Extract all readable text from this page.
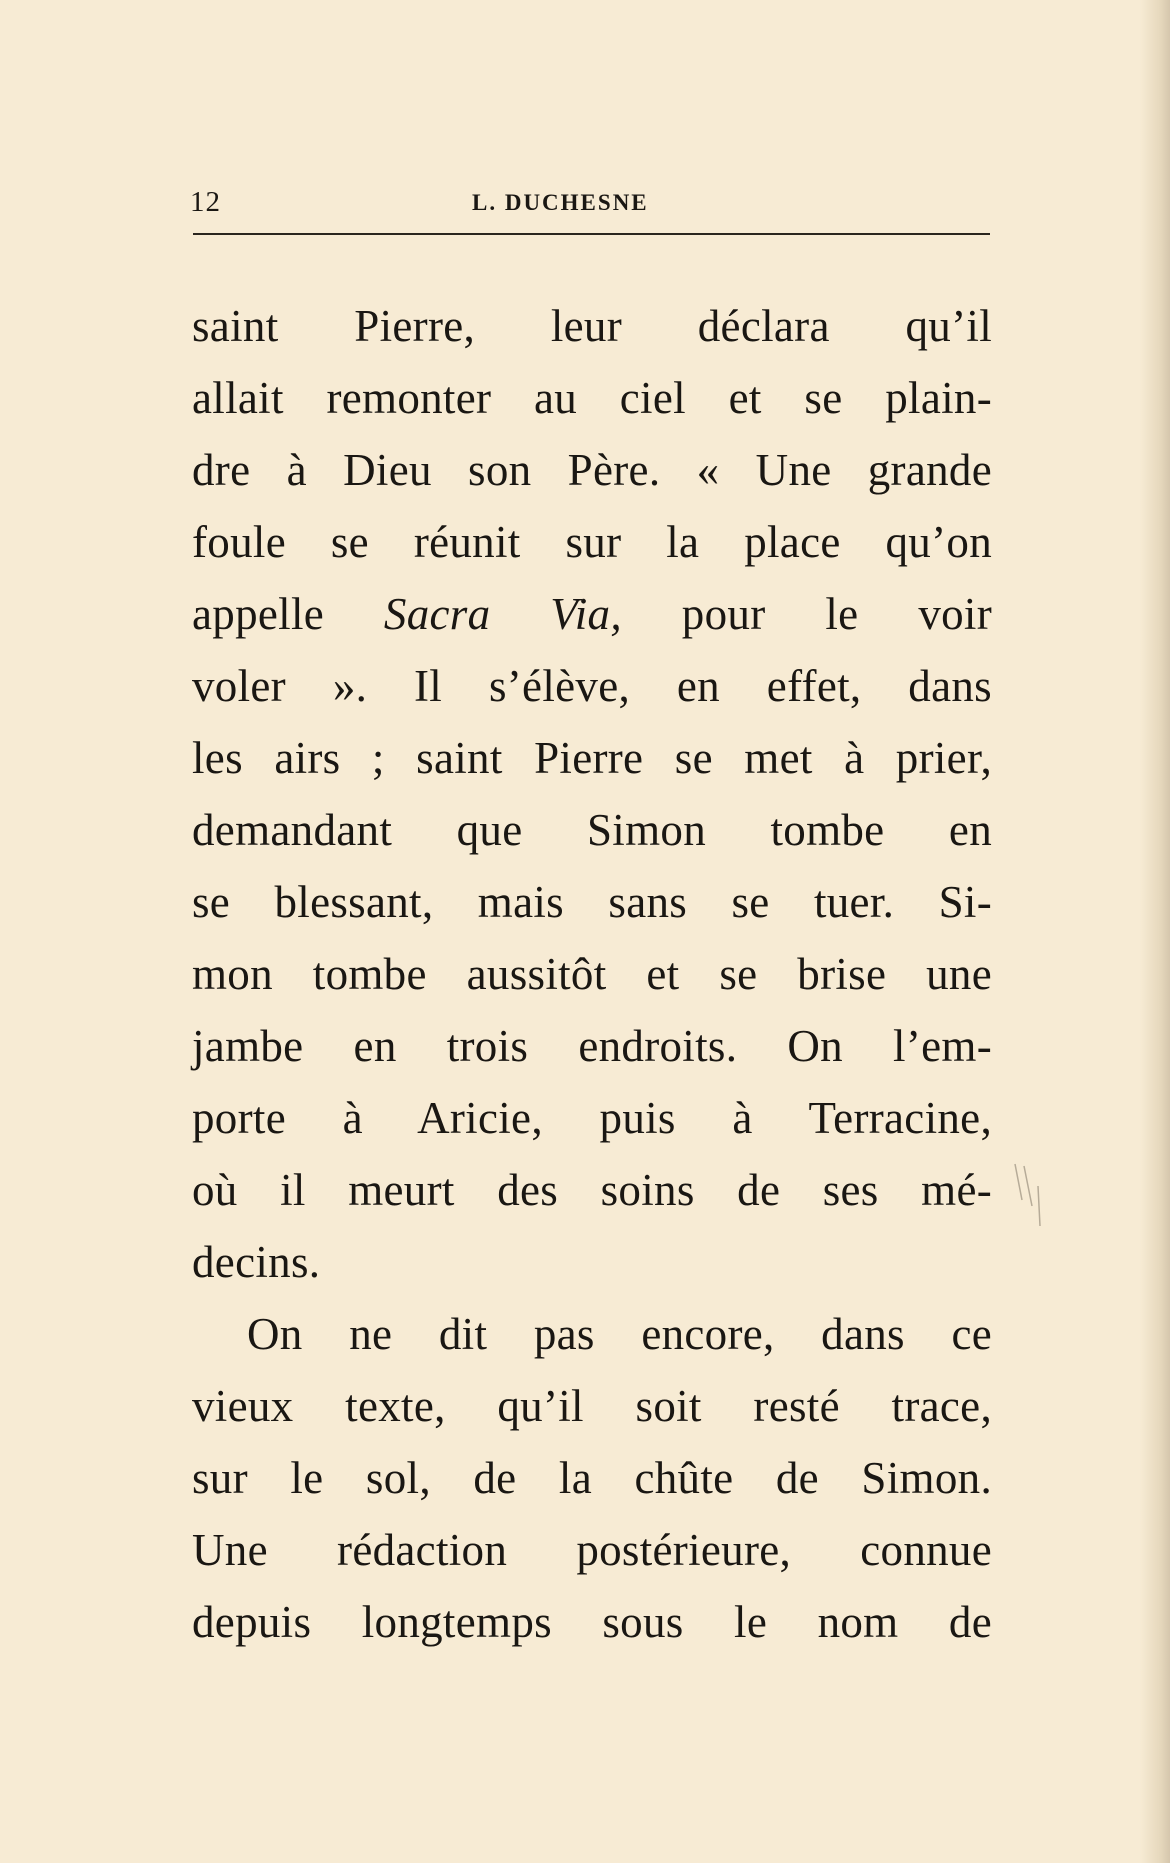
12	L. DUCHESNE
saint Pierre, leur déclara qu’il
allait remonter au ciel et se plain-
dre à Dieu son Père. « Une grande
foule se réunit sur la place qu’on
appelle Sacra Via, pour le voir
voler ». Il s’élève, en effet, dans
les airs ; saint Pierre se met à prier,
demandant que Simon tombe en
se blessant, mais sans se tuer. Si-
mon tombe aussitôt et se brise une
jambe en trois endroits. On l’em-
porte à Aricie, puis à Terracine,
où il meurt des soins de ses mé-
decins.
On ne dit pas encore, dans ce
vieux texte, qu’il soit resté trace,
sur le sol, de la chûte de Simon.
Une rédaction postérieure, connue
depuis longtemps sous le nom de
